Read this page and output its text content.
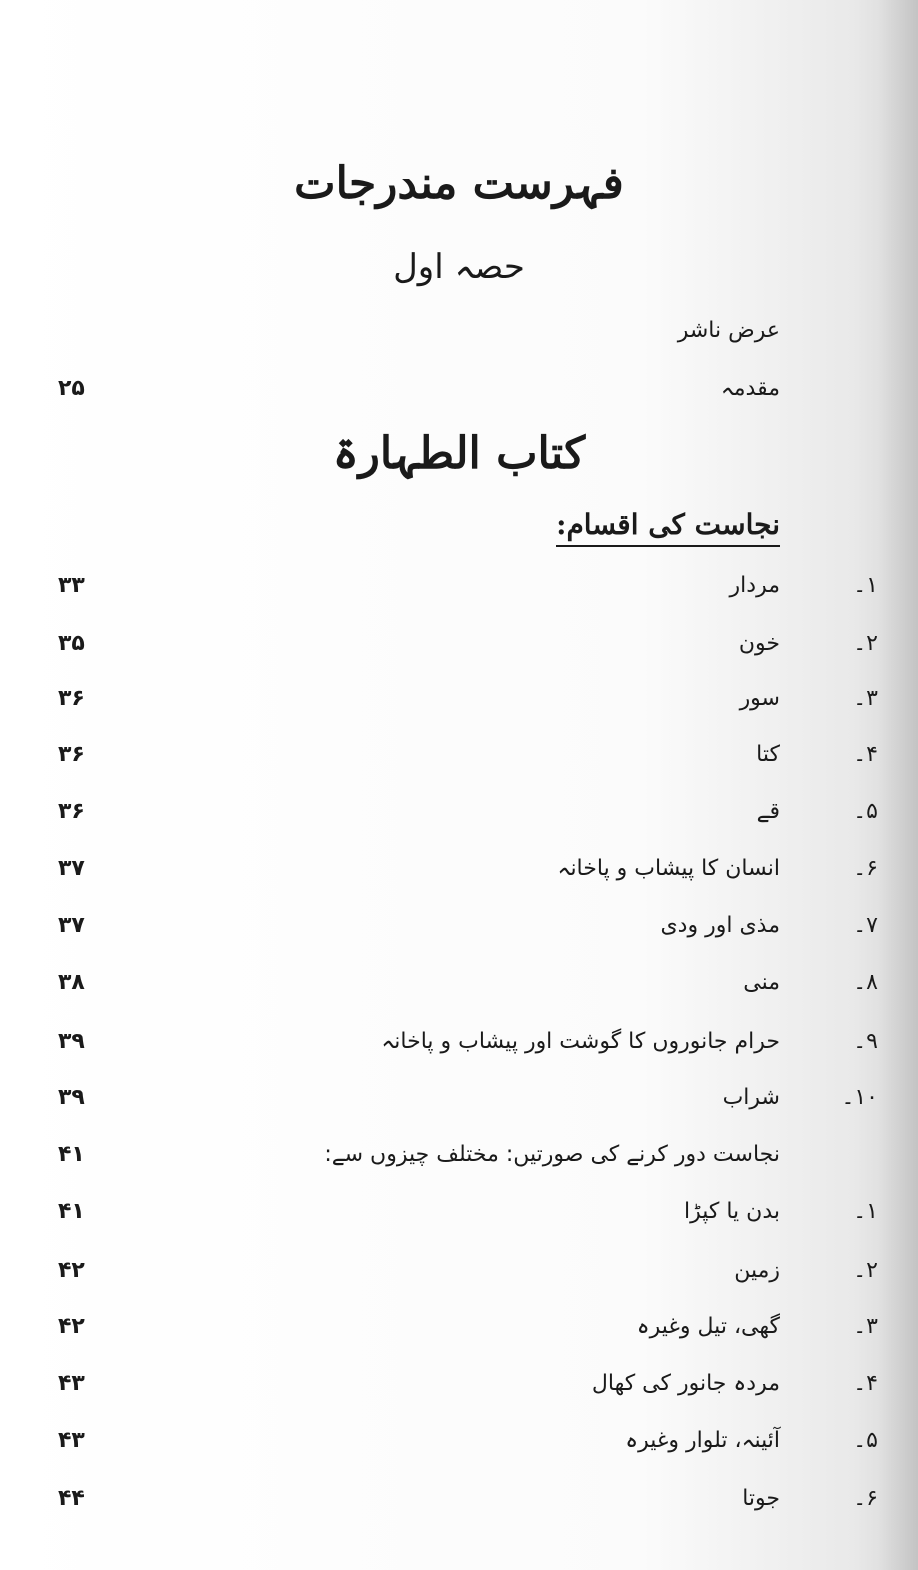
فہرست مندرجات
حصہ اول
عرض ناشر
مقدمہ
۲۵
کتاب الطہارۃ
نجاست کی اقسام:
۱۔
مردار
۳۳
۲۔
خون
۳۵
۳۔
سور
۳۶
۴۔
کتا
۳۶
۵۔
قے
۳۶
۶۔
انسان کا پیشاب و پاخانہ
۳۷
۷۔
مذی اور ودی
۳۷
۸۔
منی
۳۸
۹۔
حرام جانوروں کا گوشت اور پیشاب و پاخانہ
۳۹
۱۰۔
شراب
۳۹
نجاست دور کرنے کی صورتیں: مختلف چیزوں سے:
۴۱
۱۔
بدن یا کپڑا
۴۱
۲۔
زمین
۴۲
۳۔
گھی، تیل وغیرہ
۴۲
۴۔
مردہ جانور کی کھال
۴۳
۵۔
آئینہ، تلوار وغیرہ
۴۳
۶۔
جوتا
۴۴
